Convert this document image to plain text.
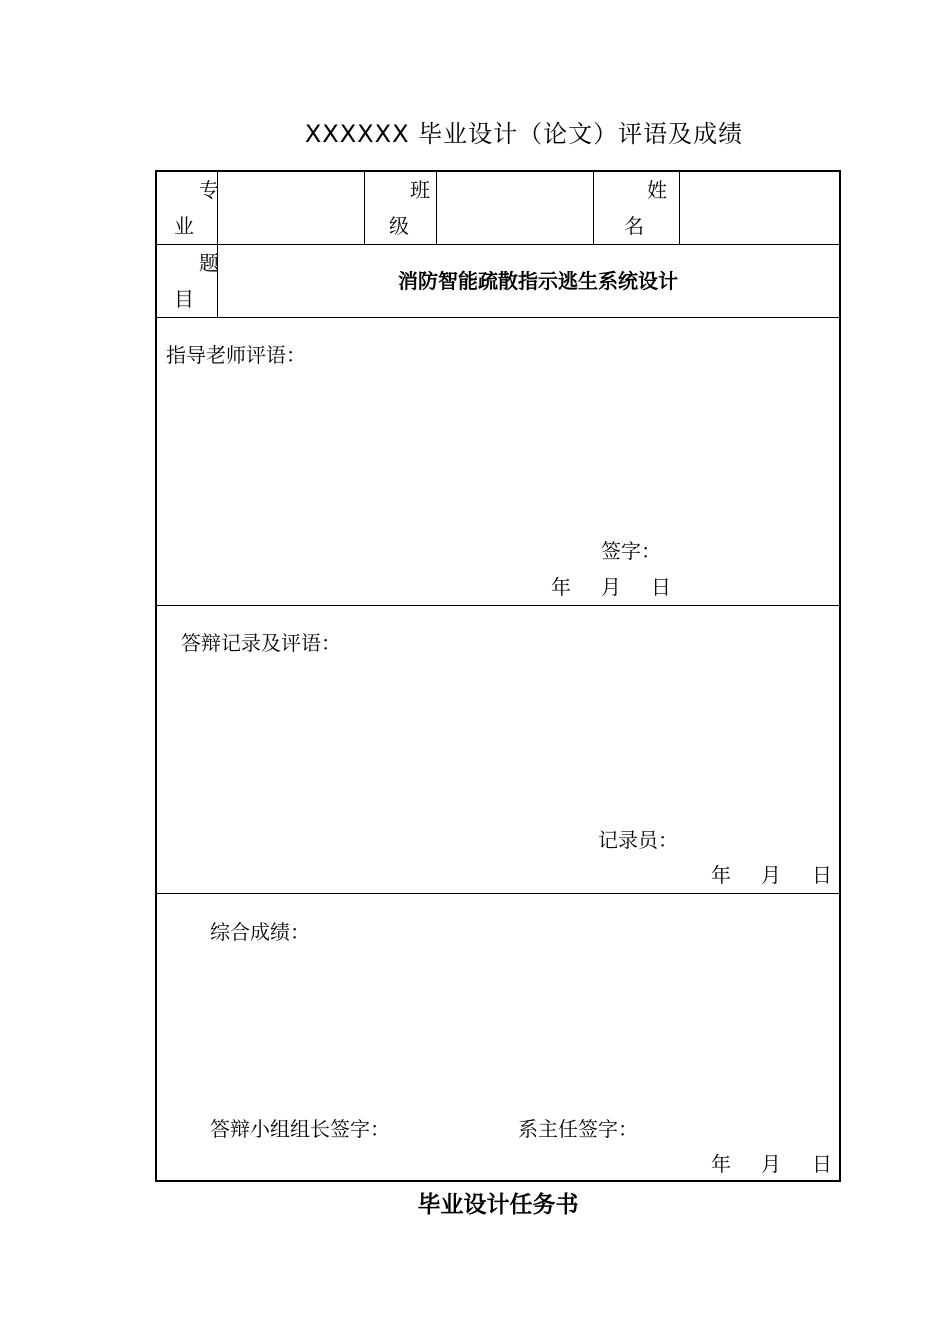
XXXXXX 毕业设计（论文）评语及成绩
专
业
班
级
姓
名
题
目
消防智能疏散指示逃生系统设计
指导老师评语：
签字：
年 月 日
答辩记录及评语：
记录员：
年 月 日
综合成绩：
答辩小组组长签字：	系主任签字：
年 月 日
毕业设计任务书
